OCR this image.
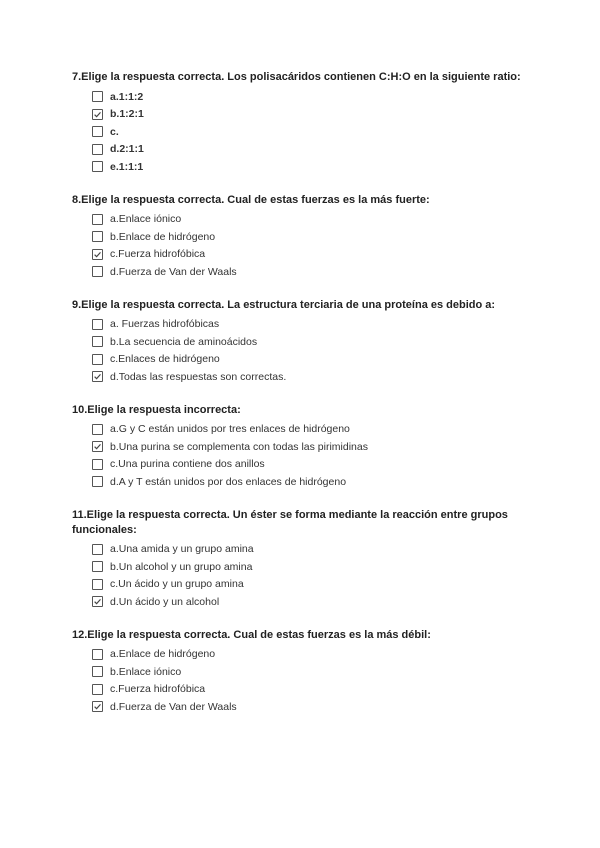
7.Elige la respuesta correcta. Los polisacáridos contienen C:H:O en la siguiente ratio:

a.1:1:2
b.1:2:1
c.
d.2:1:1
e.1:1:1

8.Elige la respuesta correcta. Cual de estas fuerzas es la más fuerte:

a.Enlace iónico
b.Enlace de hidrógeno
c.Fuerza hidrofóbica
d.Fuerza de Van der Waals

9.Elige la respuesta correcta. La estructura terciaria de una proteína es debido a:

a. Fuerzas hidrofóbicas
b.La secuencia de aminoácidos
c.Enlaces de hidrógeno
d.Todas las respuestas son correctas.

10.Elige la respuesta incorrecta:

a.G y C están unidos por tres enlaces de hidrógeno
b.Una purina se complementa con todas las pirimidinas
c.Una purina contiene dos anillos
d.A y T están unidos por dos enlaces de hidrógeno

11.Elige la respuesta correcta. Un éster se forma mediante la reacción entre grupos funcionales:

a.Una amida y un grupo amina
b.Un alcohol y un grupo amina
c.Un ácido y un grupo amina
d.Un ácido y un alcohol

12.Elige la respuesta correcta. Cual de estas fuerzas es la más débil:

a.Enlace de hidrógeno
b.Enlace iónico
c.Fuerza hidrofóbica
d.Fuerza de Van der Waals
